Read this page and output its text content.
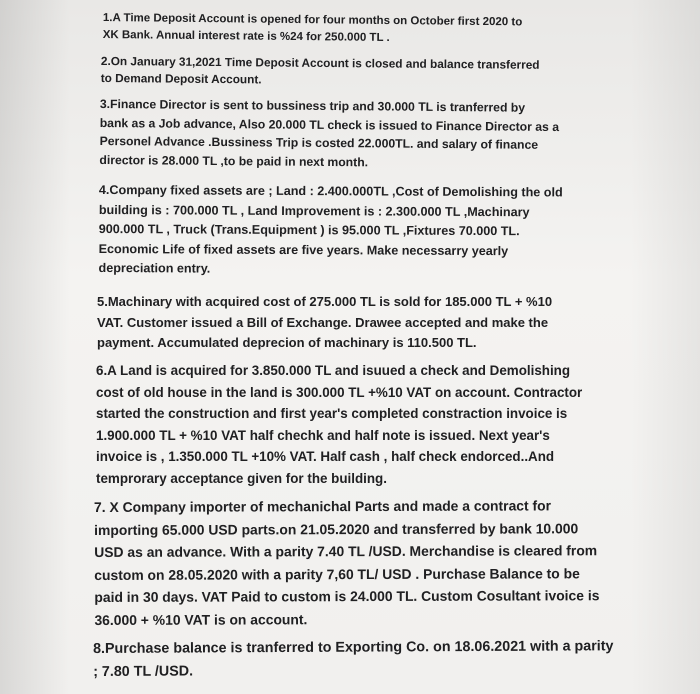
1.A Time Deposit Account is opened for four months on October first 2020 to
XK Bank. Annual interest rate is %24 for 250.000 TL .
2.On January 31,2021 Time Deposit Account is closed and balance transferred
to Demand Deposit Account.
3.Finance Director is sent to bussiness trip and 30.000 TL is tranferred by
bank as a Job advance, Also 20.000 TL check is issued to Finance Director as a
Personel Advance .Bussiness Trip is costed 22.000TL. and salary of finance
director is 28.000 TL ,to be paid in next month.
4.Company fixed assets are ; Land : 2.400.000TL ,Cost of Demolishing the old
building is : 700.000 TL , Land Improvement is : 2.300.000 TL ,Machinary
900.000 TL , Truck (Trans.Equipment ) is 95.000 TL ,Fixtures 70.000 TL.
Economic Life of fixed assets are five years. Make necessarry yearly
depreciation entry.
5.Machinary with acquired cost of 275.000 TL is sold for 185.000 TL + %10
VAT. Customer issued a Bill of Exchange. Drawee accepted and make the
payment. Accumulated deprecion of machinary is 110.500 TL.
6.A Land is acquired for 3.850.000 TL and isuued a check and Demolishing
cost of old house in the land is 300.000 TL +%10 VAT on account. Contractor
started the construction and first year's completed constraction invoice is
1.900.000 TL + %10 VAT half chechk and half note is issued. Next year's
invoice is , 1.350.000 TL +10% VAT. Half cash , half check endorced..And
temprorary acceptance given for the building.
7. X Company importer of mechanichal Parts and made a contract for
importing 65.000 USD parts.on 21.05.2020 and transferred by bank 10.000
USD as an advance. With a parity 7.40 TL /USD. Merchandise is cleared from
custom on 28.05.2020 with a parity 7,60 TL/ USD . Purchase Balance to be
paid in 30 days. VAT Paid to custom is 24.000 TL. Custom Cosultant ivoice is
36.000 + %10 VAT is on account.
8.Purchase balance is tranferred to Exporting Co. on 18.06.2021 with a parity
; 7.80 TL /USD.
